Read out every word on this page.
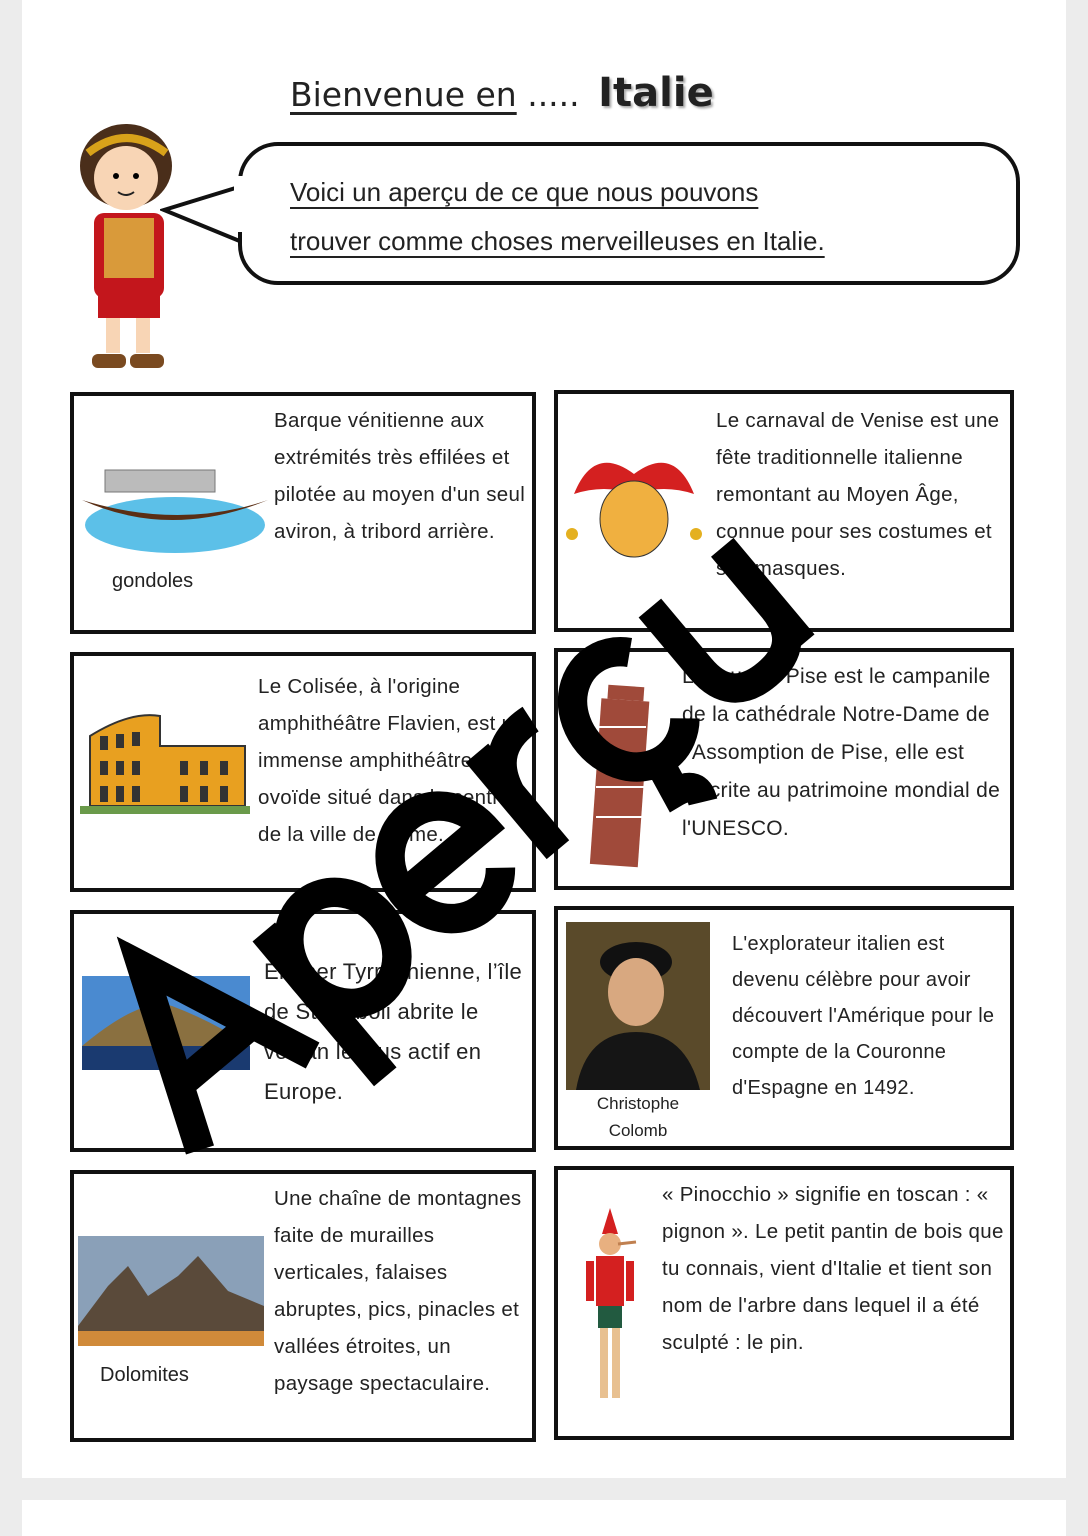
Bienvenue en ..... Italie
Voici un aperçu de ce que nous pouvons
trouver comme choses merveilleuses en Italie.
gondoles
Barque vénitienne aux extrémités très effilées et pilotée au moyen d'un seul aviron, à tribord arrière.
Le carnaval de Venise est une fête traditionnelle italienne remontant au Moyen Âge, connue pour ses costumes et ses masques.
Le Colisée, à l'origine amphithéâtre Flavien, est un immense amphithéâtre ovoïde situé dans le centre de la ville de Rome.
La tour de Pise est le campanile de la cathédrale Notre-Dame de l’Assomption de Pise, elle est inscrite au patrimoine mondial de l'UNESCO.
En mer Tyrrhénienne, l’île de Stromboli abrite le volcan le plus actif en Europe.	Christophe Colomb
L'explorateur italien est devenu célèbre pour avoir découvert l'Amérique pour le compte de la Couronne d'Espagne en 1492.
Dolomites
Une chaîne de montagnes faite de murailles verticales, falaises abruptes, pics, pinacles et vallées étroites, un paysage spectaculaire.
« Pinocchio » signifie en toscan : « pignon ». Le petit pantin de bois que tu connais, vient d'Italie et tient son nom de l'arbre dans lequel il a été sculpté : le pin.
